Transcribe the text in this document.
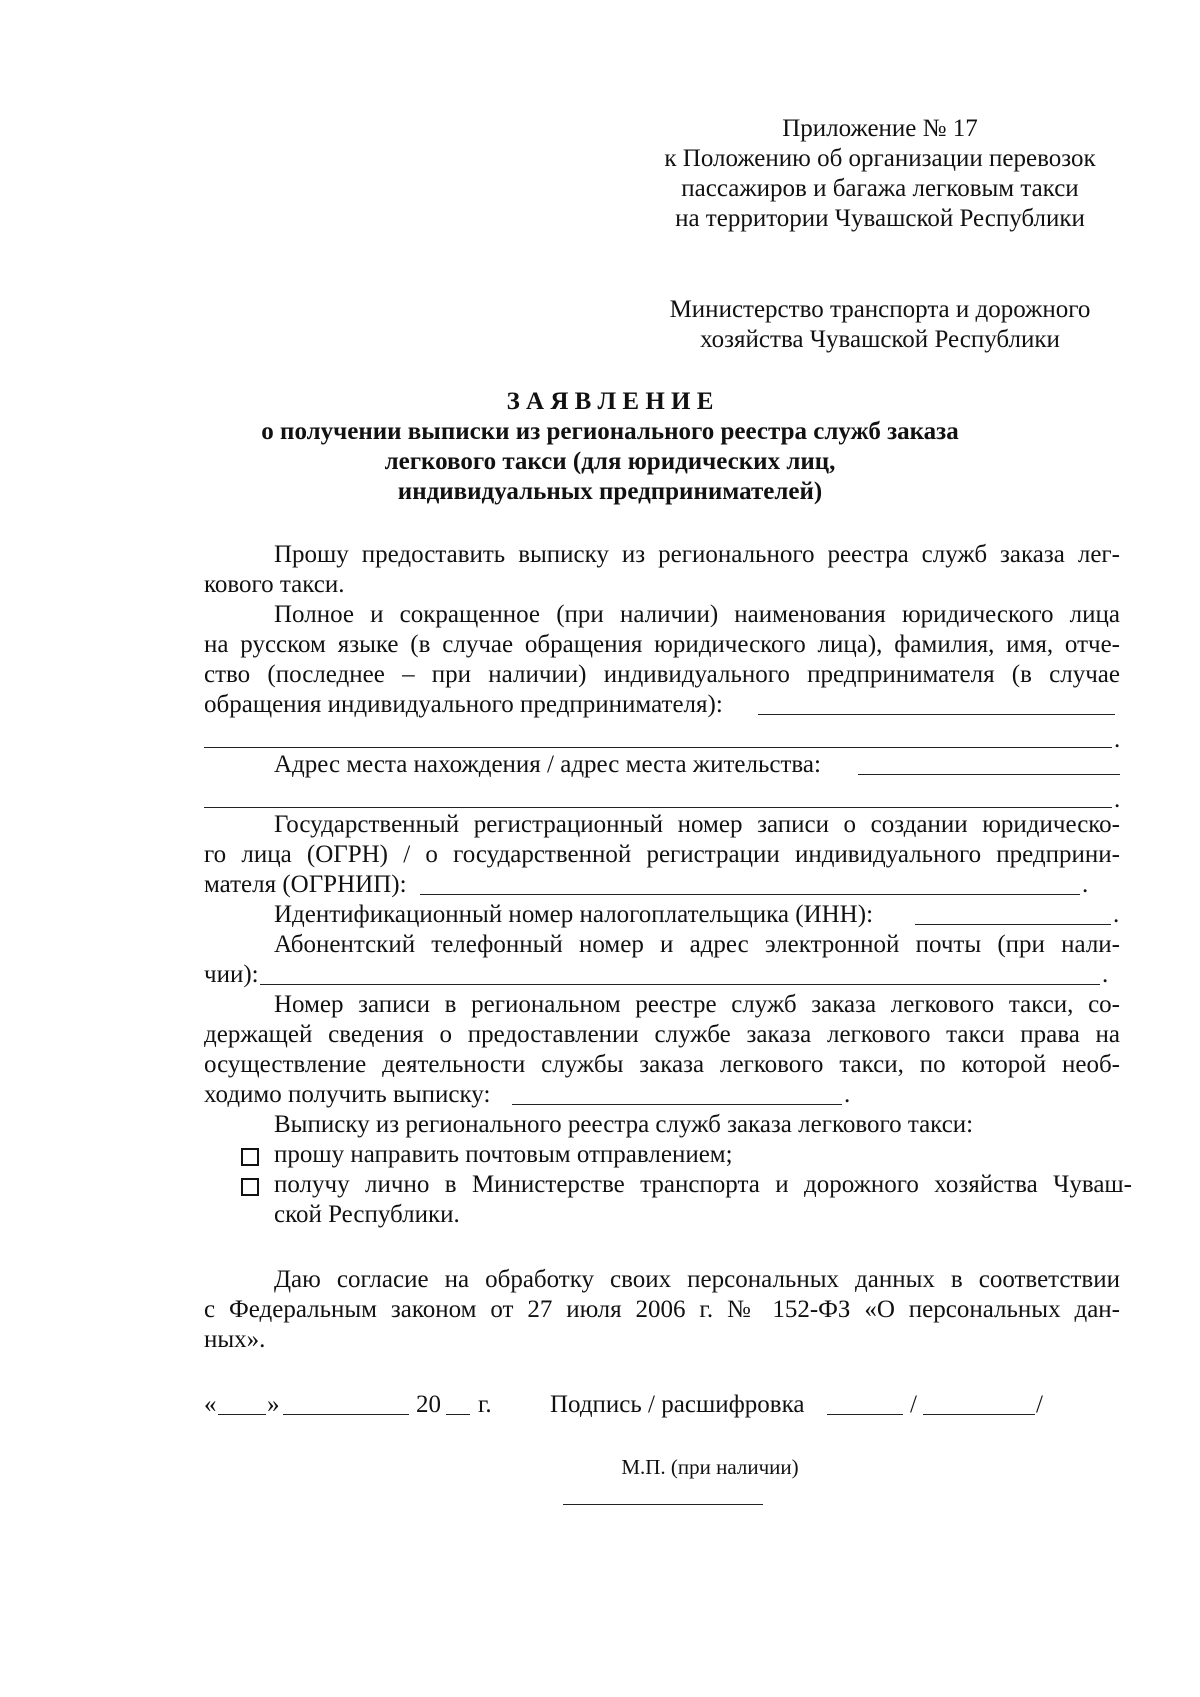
Приложение № 17
к Положению об организации перевозок
пассажиров и багажа легковым такси
на территории Чувашской Республики
Министерство транспорта и дорожного
хозяйства Чувашской Республики
З А Я В Л Е Н И Е
о получении выписки из регионального реестра служб заказа
легкового такси (для юридических лиц,
индивидуальных предпринимателей)
Прошу предоставить выписку из регионального реестра служб заказа лег-
кового такси.
Полное и сокращенное (при наличии) наименования юридического лица
на русском языке (в случае обращения юридического лица), фамилия, имя, отче-
ство (последнее – при наличии) индивидуального предпринимателя (в случае
обращения индивидуального предпринимателя):
.
Адрес места нахождения / адрес места жительства:
.
Государственный регистрационный номер записи о создании юридическо-
го лица (ОГРН) / о государственной регистрации индивидуального предприни-
мателя (ОГРНИП):	.
Идентификационный номер налогоплательщика (ИНН):	.
Абонентский телефонный номер и адрес электронной почты (при нали-
чии):	.
Номер записи в региональном реестре служб заказа легкового такси, со-
держащей сведения о предоставлении службе заказа легкового такси права на
осуществление деятельности службы заказа легкового такси, по которой необ-
ходимо получить выписку:	.
Выписку из регионального реестра служб заказа легкового такси:
прошу направить почтовым отправлением;
получу лично в Министерстве транспорта и дорожного хозяйства Чуваш-
ской Республики.
Даю согласие на обработку своих персональных данных в соответствии
с Федеральным законом от 27 июля 2006 г. № 152-ФЗ «О персональных дан-
ных».
« »	20 г. Подпись / расшифровка	/	/
М.П. (при наличии)
